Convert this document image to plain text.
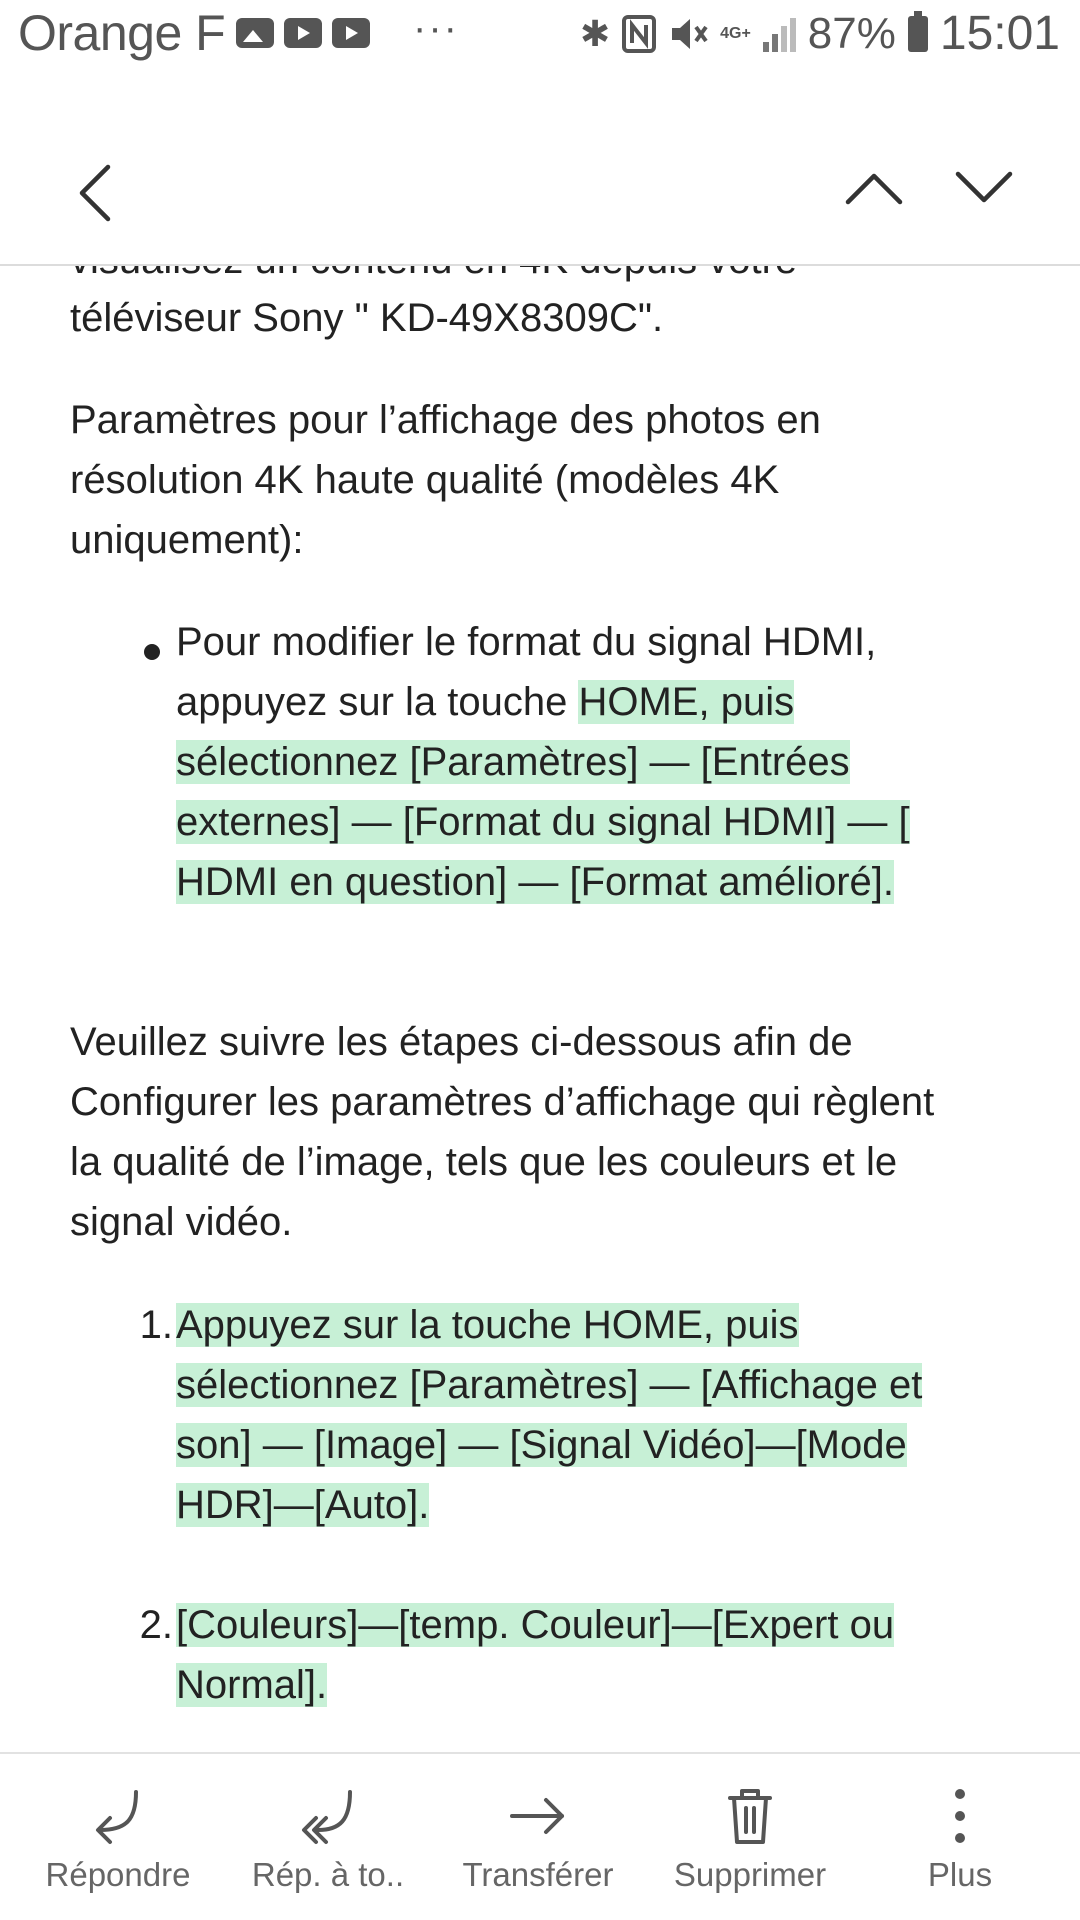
Orange F	···	✱	4G+ 87% 15:01

téléviseur Sony " KD-49X8309C".

Paramètres pour l’affichage des photos en

résolution 4K haute qualité (modèles 4K

uniquement):

Pour modifier le format du signal HDMI,
appuyez sur la touche HOME, puis
sélectionnez [Paramètres] — [Entrées
externes] — [Format du signal HDMI] — [
HDMI en question] — [Format amélioré].

Veuillez suivre les étapes ci-dessous afin de

Configurer les paramètres d’affichage qui règlent

la qualité de l’image, tels que les couleurs et le

signal vidéo.

1. Appuyez sur la touche HOME, puis
sélectionnez [Paramètres] — [Affichage et
son] — [Image] — [Signal Vidéo]—[Mode
HDR]—[Auto].
2. [Couleurs]—[temp. Couleur]—[Expert ou
Normal].
Répondre	Rép. à to..	Transférer	Supprimer	Plus
